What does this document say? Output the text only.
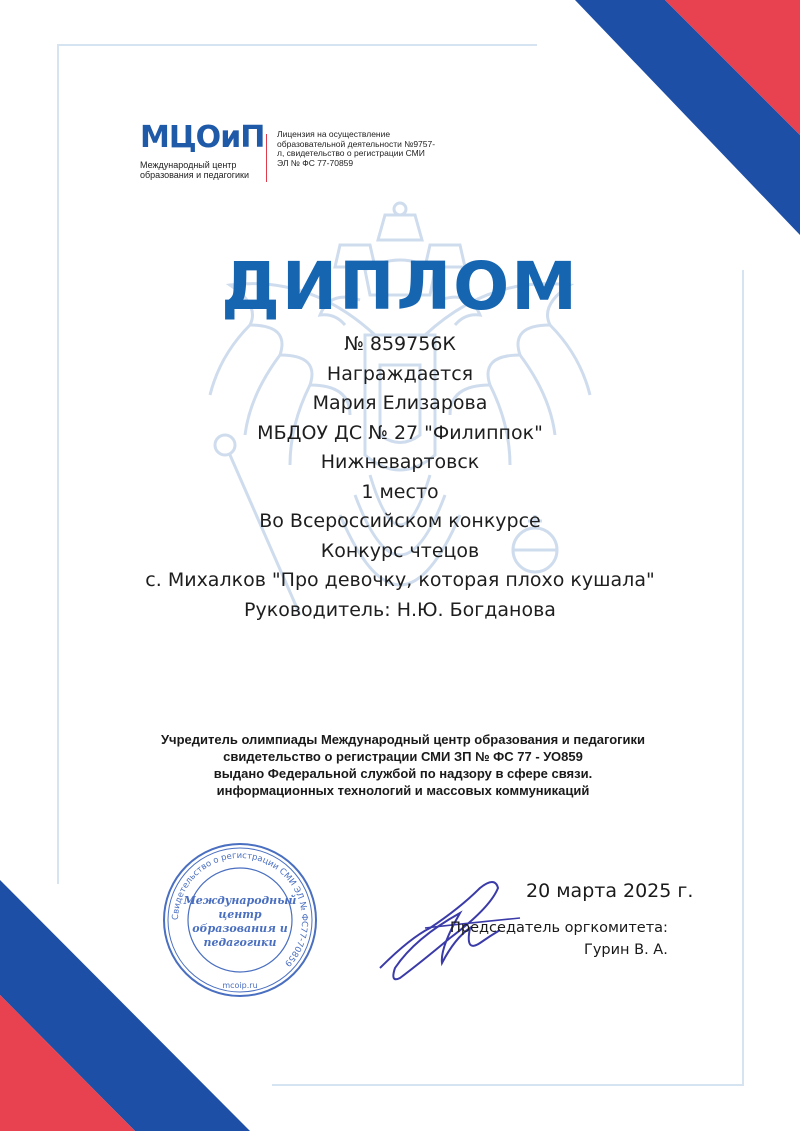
МЦОиП
Международный центр образования и педагогики
Лицензия на осуществление образовательной деятельности №9757-л, свидетельство о регистрации СМИ ЭЛ № ФС 77-70859
ДИПЛОМ
№ 859756К
Награждается
Мария Елизарова
МБДОУ ДС № 27 "Филиппок"
Нижневартовск
1 место
Во Всероссийском конкурсе
Конкурс чтецов
с. Михалков "Про девочку, которая плохо кушала"
Руководитель: Н.Ю. Богданова
Учредитель олимпиады Международный центр образования и педагогики
свидетельство о регистрации СМИ ЗП № ФС 77 - УО859
выдано Федеральной службой по надзору в сфере связи.
информационных технологий и массовых коммуникаций
Свидетельство о регистрации СМИ ЭЛ № ФС77-70859
Международный
центр
образования и
педагогики
mcoip.ru
20 марта 2025 г.
Председатель оргкомитета:
Гурин В. А.
